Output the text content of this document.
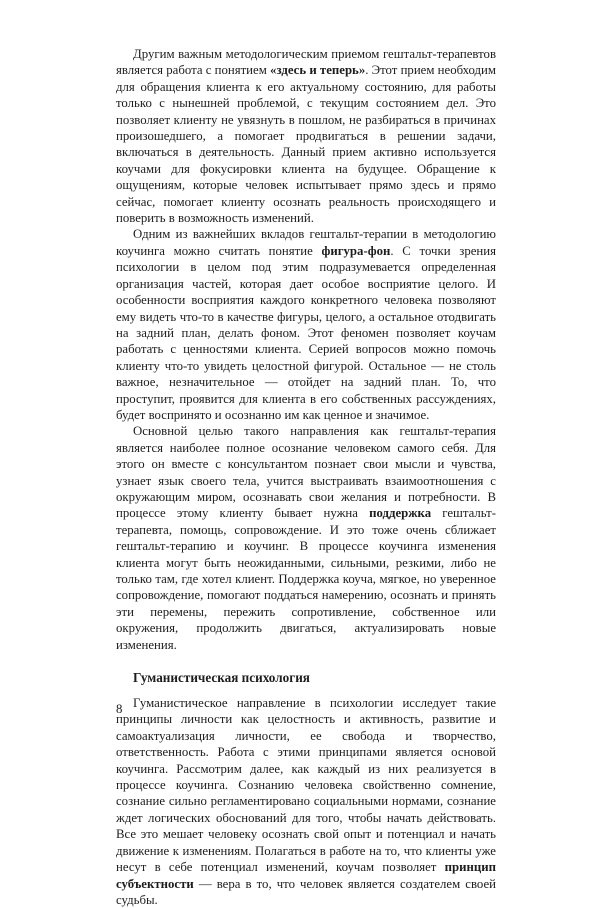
Другим важным методологическим приемом гештальт-терапевтов является работа с понятием «здесь и теперь». Этот прием необходим для обращения клиента к его актуальному состоянию, для работы только с нынешней проблемой, с текущим состоянием дел. Это позволяет клиенту не увязнуть в пошлом, не разбираться в причинах произошедшего, а помогает продвигаться в решении задачи, включаться в деятельность. Данный прием активно используется коучами для фокусировки клиента на будущее. Обращение к ощущениям, которые человек испытывает прямо здесь и прямо сейчас, помогает клиенту осознать реальность происходящего и поверить в возможность изменений.

Одним из важнейших вкладов гештальт-терапии в методологию коучинга можно считать понятие фигура-фон. С точки зрения психологии в целом под этим подразумевается определенная организация частей, которая дает особое восприятие целого. И особенности восприятия каждого конкретного человека позволяют ему видеть что-то в качестве фигуры, целого, а остальное отодвигать на задний план, делать фоном. Этот феномен позволяет коучам работать с ценностями клиента. Серией вопросов можно помочь клиенту что-то увидеть целостной фигурой. Остальное — не столь важное, незначительное — отойдет на задний план. То, что проступит, проявится для клиента в его собственных рассуждениях, будет воспринято и осознанно им как ценное и значимое.

Основной целью такого направления как гештальт-терапия является наиболее полное осознание человеком самого себя. Для этого он вместе с консультантом познает свои мысли и чувства, узнает язык своего тела, учится выстраивать взаимоотношения с окружающим миром, осознавать свои желания и потребности. В процессе этому клиенту бывает нужна поддержка гештальт-терапевта, помощь, сопровождение. И это тоже очень сближает гештальт-терапию и коучинг. В процессе коучинга изменения клиента могут быть неожиданными, сильными, резкими, либо не только там, где хотел клиент. Поддержка коуча, мягкое, но уверенное сопровождение, помогают поддаться намерению, осознать и принять эти перемены, пережить сопротивление, собственное или окружения, продолжить двигаться, актуализировать новые изменения.

Гуманистическая психология

Гуманистическое направление в психологии исследует такие принципы личности как целостность и активность, развитие и самоактуализация личности, ее свобода и творчество, ответственность. Работа с этими принципами является основой коучинга. Рассмотрим далее, как каждый из них реализуется в процессе коучинга. Сознанию человека свойственно сомнение, сознание сильно регламентировано социальными нормами, сознание ждет логических обоснований для того, чтобы начать действовать. Все это мешает человеку осознать свой опыт и потенциал и начать движение к изменениям. Полагаться в работе на то, что клиенты уже несут в себе потенциал изменений, коучам позволяет принцип субъектности — вера в то, что человек является создателем своей судьбы.

8
